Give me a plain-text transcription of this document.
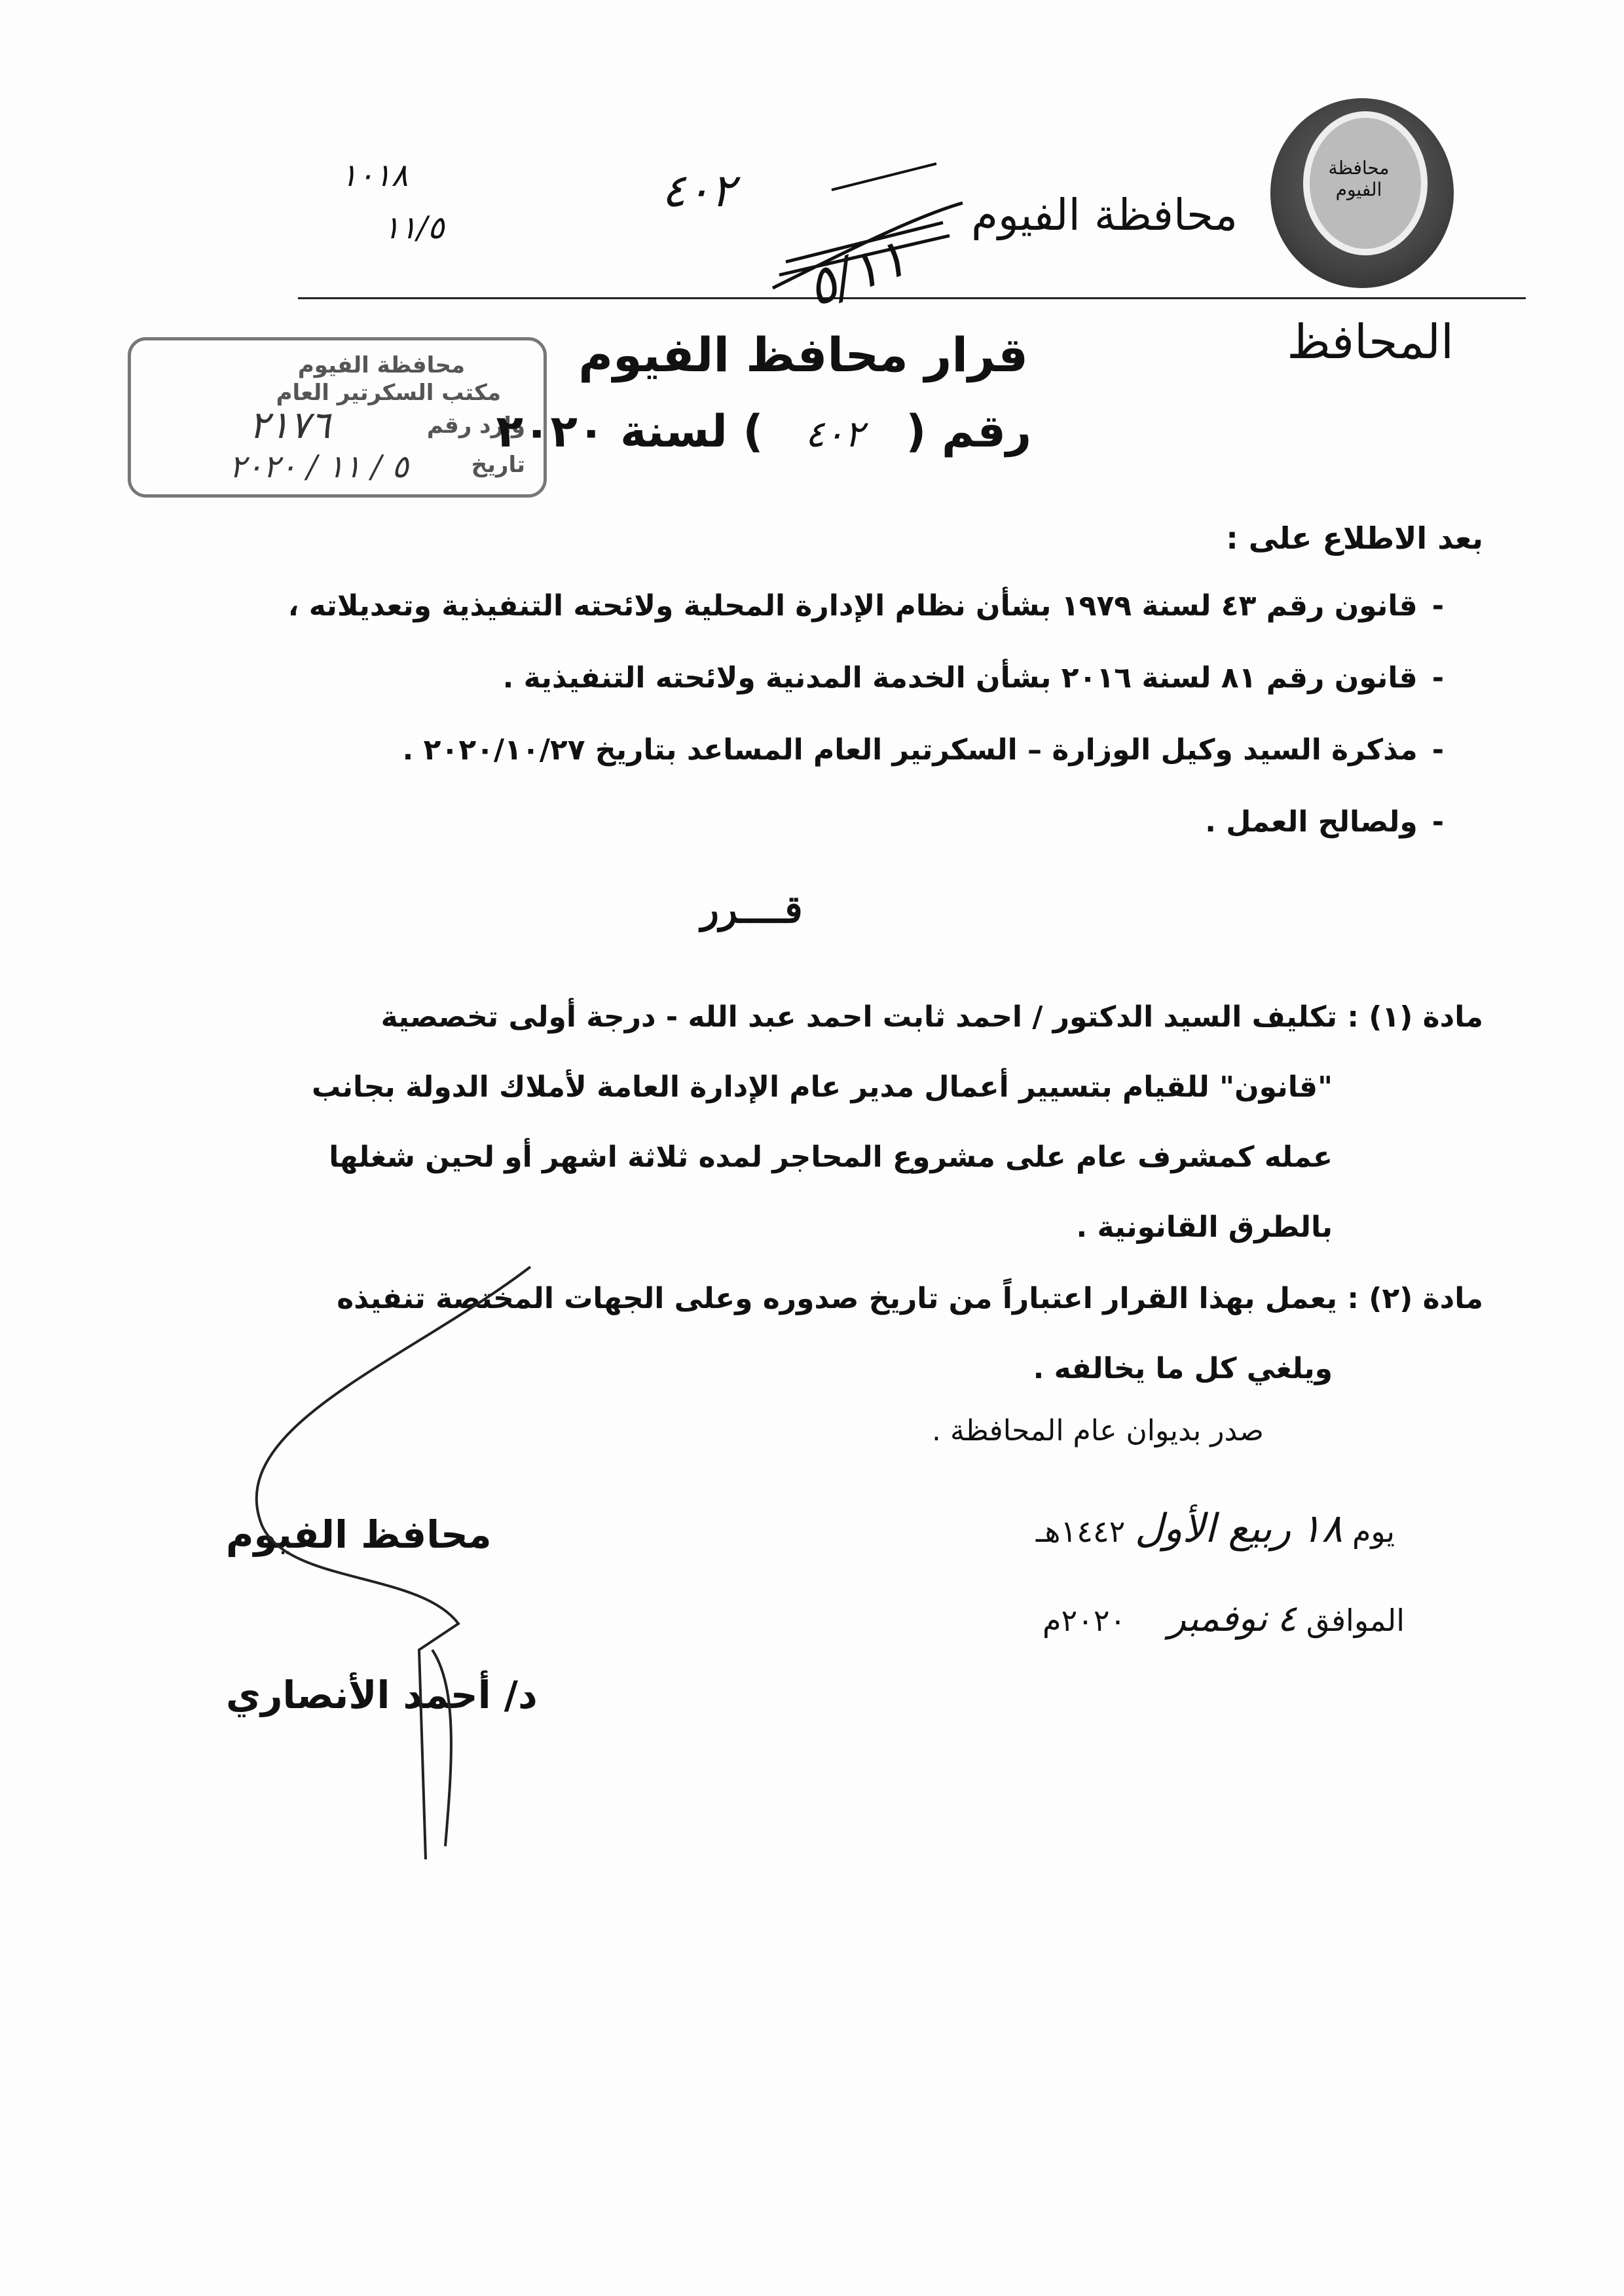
محافظة الفيوم
محافظة الفيوم
المحافظ
١٠١٨
١١/٥
٤٠٢
٥/١١
محافظة الفيوم
مكتب السكرتير العام
وارد رقم
٢١٧٦
تاريخ
٥ / ١١ / ٢٠٢٠
قرار محافظ الفيوم
رقم ( ٤٠٢ ) لسنة ٢٠٢٠
بعد الاطلاع على :
-قانون رقم ٤٣ لسنة ١٩٧٩ بشأن نظام الإدارة المحلية ولائحته التنفيذية وتعديلاته ،
-قانون رقم ٨١ لسنة ٢٠١٦ بشأن الخدمة المدنية ولائحته التنفيذية .
-مذكرة السيد وكيل الوزارة – السكرتير العام المساعد بتاريخ ٢٠٢٠/١٠/٢٧ .
-ولصالح العمل .
قــــرر
مادة (١) : تكليف السيد الدكتور / احمد ثابت احمد عبد الله - درجة أولى تخصصية
"قانون" للقيام بتسيير أعمال مدير عام الإدارة العامة لأملاك الدولة بجانب
عمله كمشرف عام على مشروع المحاجر لمده ثلاثة اشهر أو لحين شغلها
بالطرق القانونية .
مادة (٢) : يعمل بهذا القرار اعتباراً من تاريخ صدوره وعلى الجهات المختصة تنفيذه
ويلغي كل ما يخالفه .
صدر بديوان عام المحافظة .
يوم ١٨ ربيع الأول ١٤٤٢هـ
الموافق ٤ نوفمبر ٢٠٢٠م
محافظ الفيوم
د/ أحمد الأنصاري
